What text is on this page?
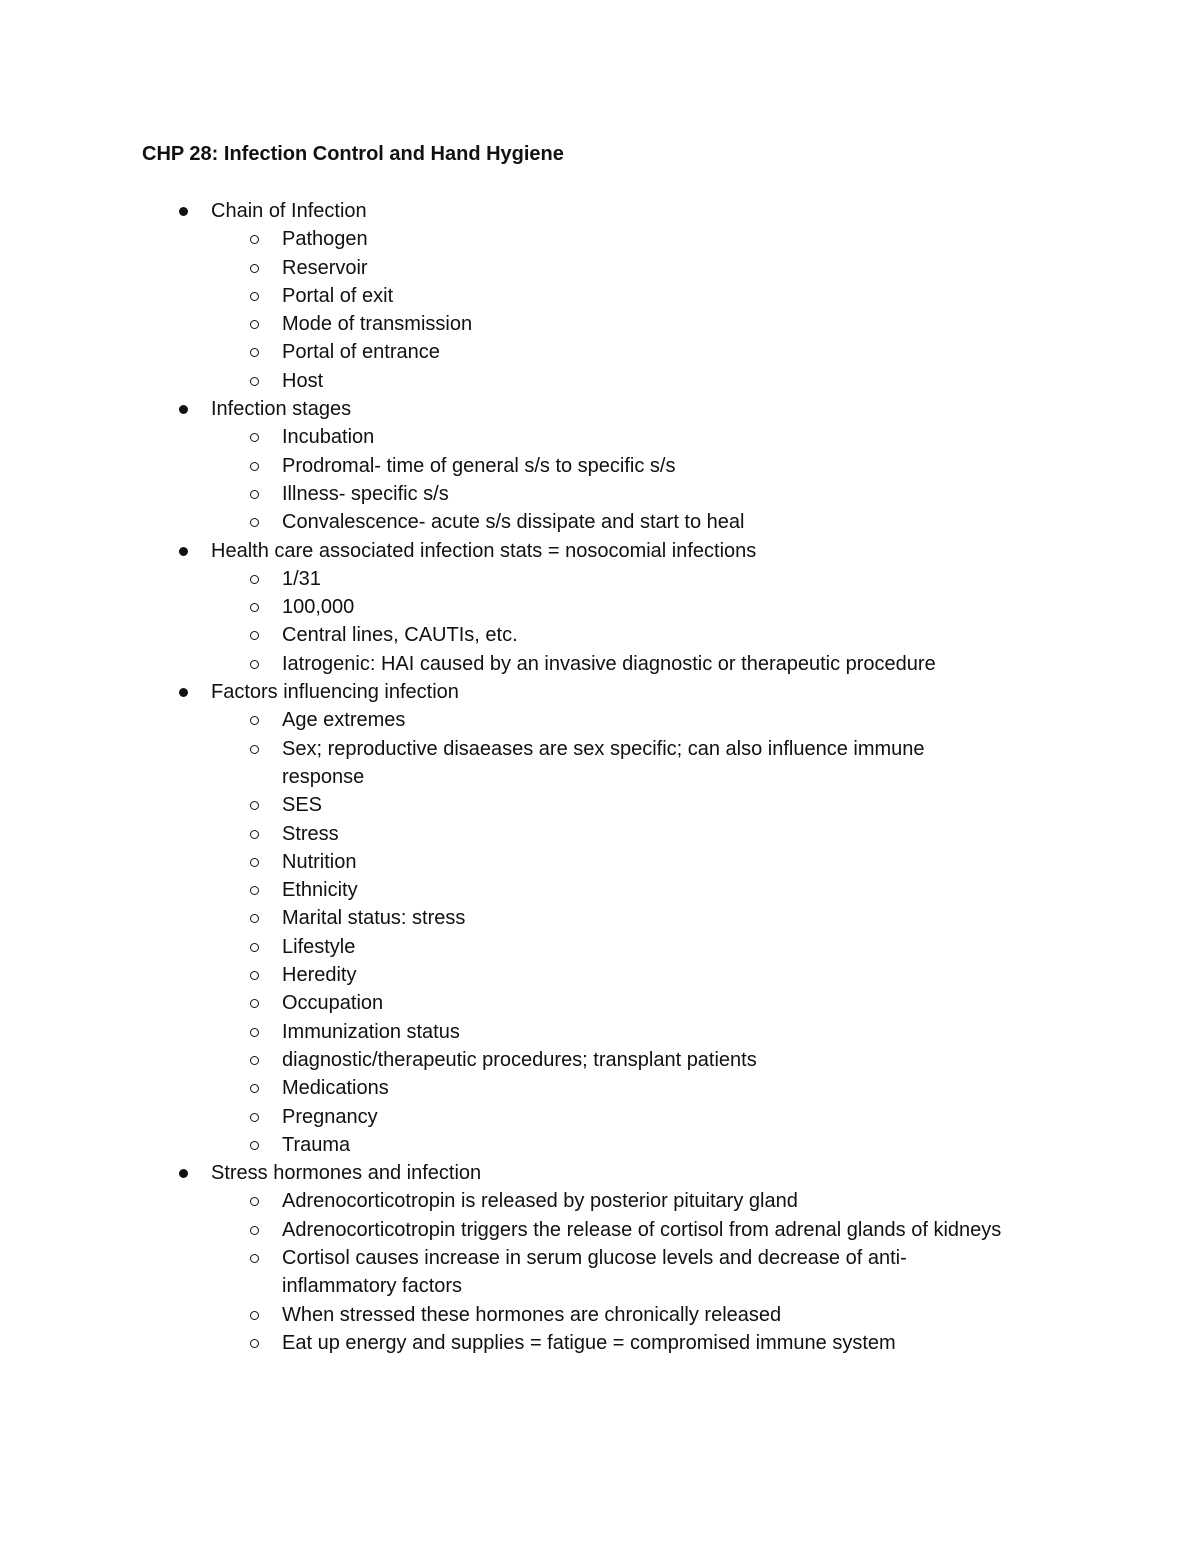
CHP 28: Infection Control and Hand Hygiene
Chain of Infection
Pathogen
Reservoir
Portal of exit
Mode of transmission
Portal of entrance
Host
Infection stages
Incubation
Prodromal- time of general s/s to specific s/s
Illness- specific s/s
Convalescence- acute s/s dissipate and start to heal
Health care associated infection stats = nosocomial infections
1/31
100,000
Central lines, CAUTIs, etc.
Iatrogenic: HAI caused by an invasive diagnostic or therapeutic procedure
Factors influencing infection
Age extremes
Sex; reproductive disaeases are sex specific; can also influence immune response
SES
Stress
Nutrition
Ethnicity
Marital status: stress
Lifestyle
Heredity
Occupation
Immunization status
diagnostic/therapeutic procedures; transplant patients
Medications
Pregnancy
Trauma
Stress hormones and infection
Adrenocorticotropin is released by posterior pituitary gland
Adrenocorticotropin triggers the release of cortisol from adrenal glands of kidneys
Cortisol causes increase in serum glucose levels and decrease of anti-inflammatory factors
When stressed these hormones are chronically released
Eat up energy and supplies = fatigue = compromised immune system
